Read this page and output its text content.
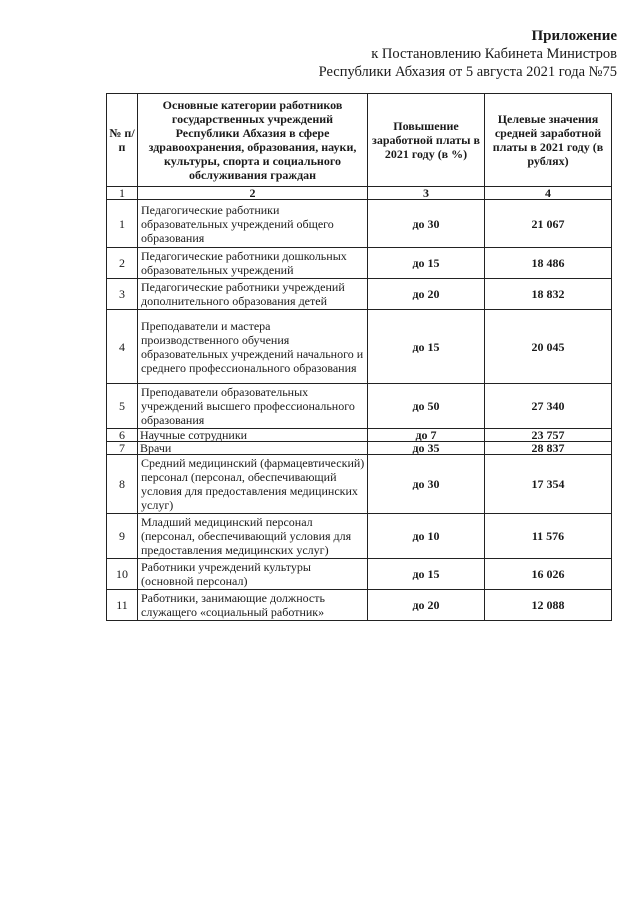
Приложение
к Постановлению Кабинета Министров
Республики Абхазия от 5 августа 2021 года №75
№ п/п	Основные категории работников государственных учреждений Республики Абхазия в сфере здравоохранения, образования, науки, культуры, спорта и социального обслуживания граждан	Повышение заработной платы в 2021 году (в %)	Целевые значения средней заработной платы в 2021 году (в рублях)
1	2	3	4
1	Педагогические работники образовательных учреждений общего образования	до 30	21 067
2	Педагогические работники дошкольных образовательных учреждений	до 15	18 486
3	Педагогические работники учреждений дополнительного образования детей	до 20	18 832
4	Преподаватели и мастера производственного обучения образовательных учреждений начального и среднего профессионального образования	до 15	20 045
5	Преподаватели образовательных учреждений высшего профессионального образования	до 50	27 340
6	Научные сотрудники	до 7	23 757
7	Врачи	до 35	28 837
8	Средний медицинский (фармацевтический) персонал (персонал, обеспечивающий условия для предоставления медицинских услуг)	до 30	17 354
9	Младший медицинский персонал (персонал, обеспечивающий условия для предоставления медицинских услуг)	до 10	11 576
10	Работники учреждений культуры (основной персонал)	до 15	16 026
11	Работники, занимающие должность служащего «социальный работник»	до 20	12 088
